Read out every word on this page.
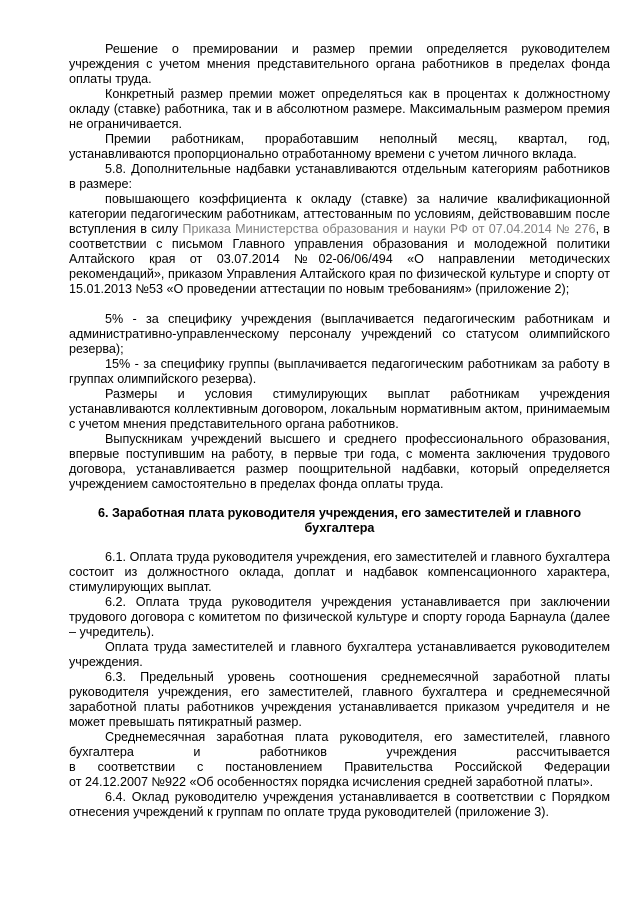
Решение о премировании и размер премии определяется руководителем учреждения с учетом мнения представительного органа работников в пределах фонда оплаты труда.

Конкретный размер премии может определяться как в процентах к должностному окладу (ставке) работника, так и в абсолютном размере. Максимальным размером премия не ограничивается.

Премии работникам, проработавшим неполный месяц, квартал, год, устанавливаются пропорционально отработанному времени с учетом личного вклада.

5.8. Дополнительные надбавки устанавливаются отдельным категориям работников в размере:

повышающего коэффициента к окладу (ставке) за наличие квалификационной категории педагогическим работникам, аттестованным по условиям, действовавшим после вступления в силу Приказа Министерства образования и науки РФ от 07.04.2014 № 276, в соответствии с письмом Главного управления образования и молодежной политики Алтайского края от 03.07.2014 №02-06/06/494 «О направлении методических рекомендаций», приказом Управления Алтайского края по физической культуре и спорту от 15.01.2013 №53 «О проведении аттестации по новым требованиям» (приложение 2);

5% - за специфику учреждения (выплачивается педагогическим работникам и административно-управленческому персоналу учреждений со статусом олимпийского резерва);

15% - за специфику группы (выплачивается педагогическим работникам за работу в группах олимпийского резерва).

Размеры и условия стимулирующих выплат работникам учреждения устанавливаются коллективным договором, локальным нормативным актом, принимаемым с учетом мнения представительного органа работников.

Выпускникам учреждений высшего и среднего профессионального образования, впервые поступившим на работу, в первые три года, с момента заключения трудового договора, устанавливается размер поощрительной надбавки, который определяется учреждением самостоятельно в пределах фонда оплаты труда.

6. Заработная плата руководителя учреждения, его заместителей и главного

бухгалтера

6.1. Оплата труда руководителя учреждения, его заместителей и главного бухгалтера состоит из должностного оклада, доплат и надбавок компенсационного характера, стимулирующих выплат.

6.2. Оплата труда руководителя учреждения устанавливается при заключении трудового договора с комитетом по физической культуре и спорту города Барнаула (далее – учредитель).

Оплата труда заместителей и главного бухгалтера устанавливается руководителем учреждения.

6.3. Предельный уровень соотношения среднемесячной заработной платы руководителя учреждения, его заместителей, главного бухгалтера и среднемесячной заработной платы работников учреждения устанавливается приказом учредителя и не может превышать пятикратный размер.

Среднемесячная заработная плата руководителя, его заместителей, главного

бухгалтера и работников учреждения рассчитывается

в соответствии с постановлением Правительства Российской Федерации

от 24.12.2007 №922 «Об особенностях порядка исчисления средней заработной платы».

6.4. Оклад руководителю учреждения устанавливается в соответствии с Порядком отнесения учреждений к группам по оплате труда руководителей (приложение 3).
